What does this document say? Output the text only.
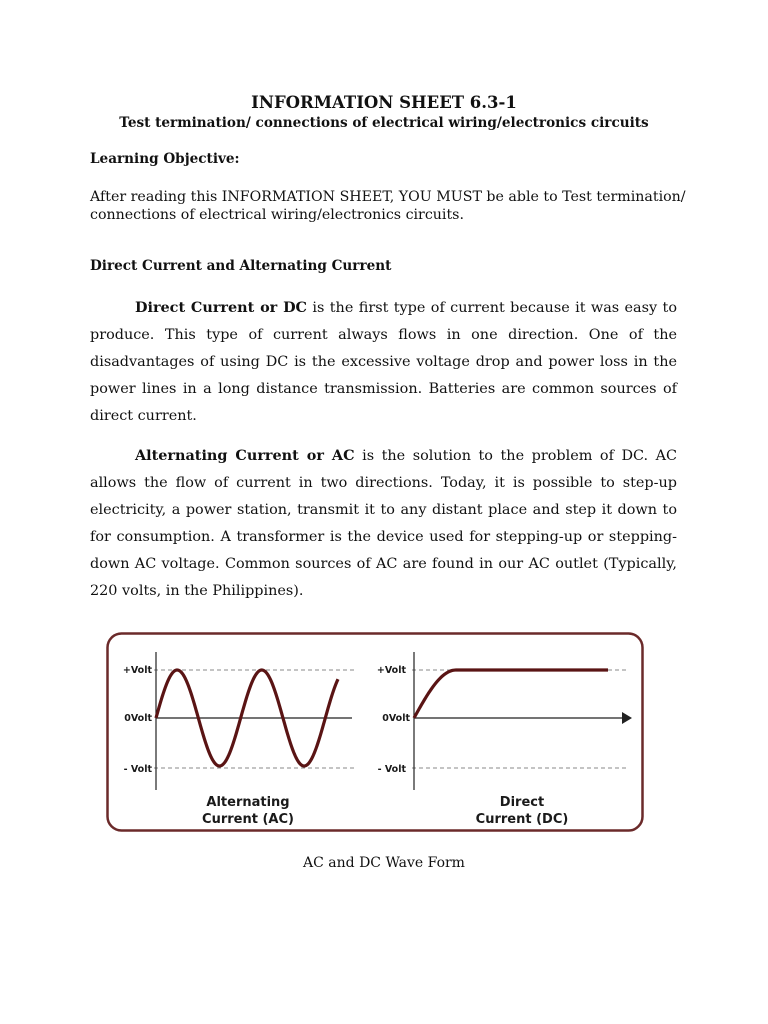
INFORMATION SHEET 6.3-1
Test termination/ connections of electrical wiring/electronics circuits
Learning Objective:
After reading this INFORMATION SHEET, YOU MUST be able to Test termination/ connections of electrical wiring/electronics circuits.
Direct Current and Alternating Current
Direct Current or DC is the first type of current because it was easy to produce. This type of current always flows in one direction. One of the disadvantages of using DC is the excessive voltage drop and power loss in the power lines in a long distance transmission. Batteries are common sources of direct current.
Alternating Current or AC is the solution to the problem of DC. AC allows the flow of current in two directions. Today, it is possible to step-up electricity, a power station, transmit it to any distant place and step it down to for consumption. A transformer is the device used for stepping-up or stepping-down AC voltage. Common sources of AC are found in our AC outlet (Typically, 220 volts, in the Philippines).
+Volt
0Volt
- Volt
Alternating
Current (AC)
+Volt
0Volt
- Volt
Direct
Current (DC)
AC and DC Wave Form
